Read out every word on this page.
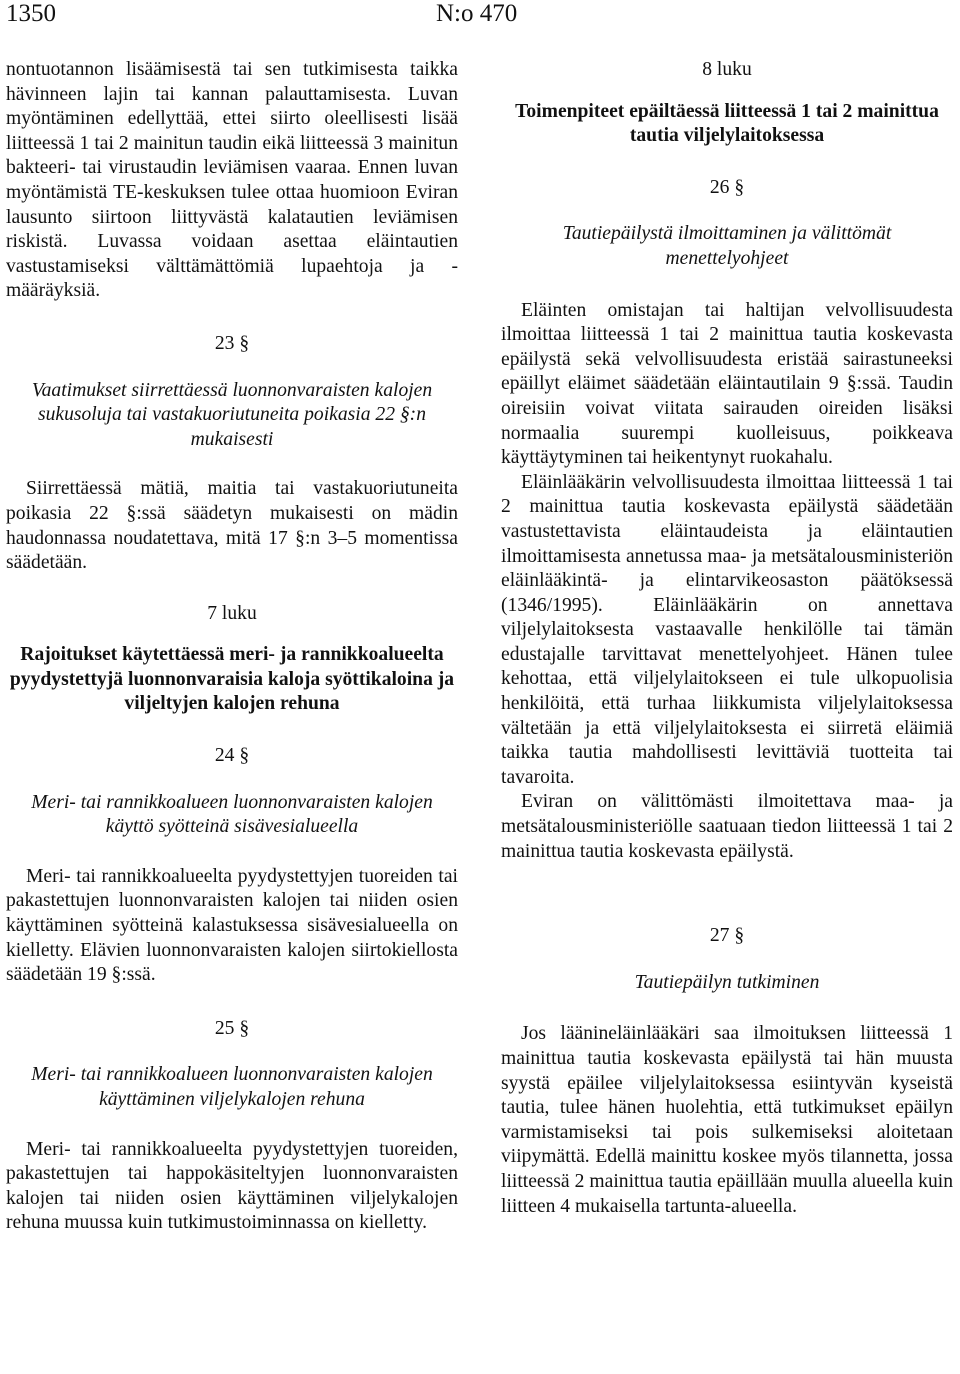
1350	N:o 470

nontuotannon lisäämisestä tai sen tutkimisesta taikka hävinneen lajin tai kannan palauttamisesta. Luvan myöntäminen edellyttää, ettei siirto oleellisesti lisää liitteessä 1 tai 2 mainitun taudin eikä liitteessä 3 mainitun bakteeri- tai virustaudin leviämisen vaaraa. Ennen luvan myöntämistä TE-keskuksen tulee ottaa huomioon Eviran lausunto siirtoon liittyvästä kalatautien leviämisen riskistä. Luvassa voidaan asettaa eläintautien vastustamiseksi välttämättömiä lupaehtoja ja -määräyksiä.

23 §

Vaatimukset siirrettäessä luonnonvaraisten kalojen sukusoluja tai vastakuoriutuneita poikasia 22 §:n mukaisesti

Siirrettäessä mätiä, maitia tai vastakuoriutuneita poikasia 22 §:ssä säädetyn mukaisesti on mädin haudonnassa noudatettava, mitä 17 §:n 3–5 momentissa säädetään.

7 luku

Rajoitukset käytettäessä meri- ja rannikkoalueelta pyydystettyjä luonnonvaraisia kaloja syöttikaloina ja viljeltyjen kalojen rehuna

24 §

Meri- tai rannikkoalueen luonnonvaraisten kalojen käyttö syötteinä sisävesialueella

Meri- tai rannikkoalueelta pyydystettyjen tuoreiden tai pakastettujen luonnonvaraisten kalojen tai niiden osien käyttäminen syötteinä kalastuksessa sisävesialueella on kielletty. Elävien luonnonvaraisten kalojen siirtokiellosta säädetään 19 §:ssä.

25 §

Meri- tai rannikkoalueen luonnonvaraisten kalojen käyttäminen viljelykalojen rehuna

Meri- tai rannikkoalueelta pyydystettyjen tuoreiden, pakastettujen tai happokäsiteltyjen luonnonvaraisten kalojen tai niiden osien käyttäminen viljelykalojen rehuna muussa kuin tutkimustoiminnassa on kielletty.

8 luku

Toimenpiteet epäiltäessä liitteessä 1 tai 2 mainittua tautia viljelylaitoksessa

26 §

Tautiepäilystä ilmoittaminen ja välittömät menettelyohjeet

Eläinten omistajan tai haltijan velvollisuudesta ilmoittaa liitteessä 1 tai 2 mainittua tautia koskevasta epäilystä sekä velvollisuudesta eristää sairastuneeksi epäillyt eläimet säädetään eläintautilain 9 §:ssä. Taudin oireisiin voivat viitata sairauden oireiden lisäksi normaalia suurempi kuolleisuus, poikkeava käyttäytyminen tai heikentynyt ruokahalu.

Eläinlääkärin velvollisuudesta ilmoittaa liitteessä 1 tai 2 mainittua tautia koskevasta epäilystä säädetään vastustettavista eläintaudeista ja eläintautien ilmoittamisesta annetussa maa- ja metsätalousministeriön eläinlääkintä- ja elintarvikeosaston päätöksessä (1346/1995). Eläinlääkärin on annettava viljelylaitoksesta vastaavalle henkilölle tai tämän edustajalle tarvittavat menettelyohjeet. Hänen tulee kehottaa, että viljelylaitokseen ei tule ulkopuolisia henkilöitä, että turhaa liikkumista viljelylaitoksessa vältetään ja että viljelylaitoksesta ei siirretä eläimiä taikka tautia mahdollisesti levittäviä tuotteita tai tavaroita.

Eviran on välittömästi ilmoitettava maa- ja metsätalousministeriölle saatuaan tiedon liitteessä 1 tai 2 mainittua tautia koskevasta epäilystä.

27 §

Tautiepäilyn tutkiminen

Jos läänineläinlääkäri saa ilmoituksen liitteessä 1 mainittua tautia koskevasta epäilystä tai hän muusta syystä epäilee viljelylaitoksessa esiintyvän kyseistä tautia, tulee hänen huolehtia, että tutkimukset epäilyn varmistamiseksi tai pois sulkemiseksi aloitetaan viipymättä. Edellä mainittu koskee myös tilannetta, jossa liitteessä 2 mainittua tautia epäillään muulla alueella kuin liitteen 4 mukaisella tartunta-alueella.
